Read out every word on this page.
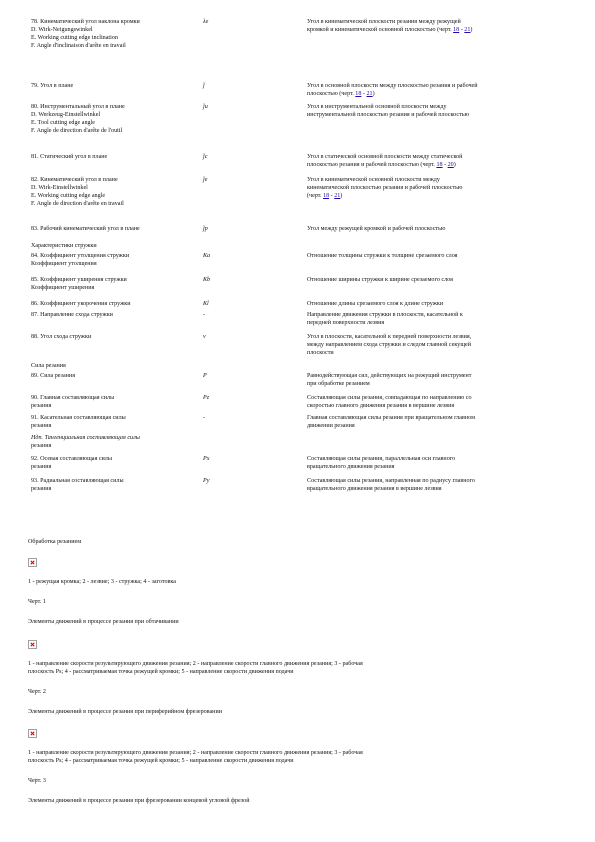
78. Кинематический угол наклона кромки
D. Wirk-Neigungswinkel
E. Working cutting edge inclination
F. Angle d'inclinaison d'arête en travail
λе	Угол в кинематической плоскости резания между режущей
кромкой и кинематической основной плоскостью (черт. 18 - 21)
79. Угол в плане	ǰ	Угол в основной плоскости между плоскостью резания и рабочей
плоскостью (черт. 18 - 21)
80. Инструментальный угол в плане
D. Werkzeug-Einstellwinkel
E. Tool cutting edge angle
F. Angle de direction d'arête de l'outil
ǰи	Угол в инструментальной основной плоскости между
инструментальной плоскостью резания и рабочей плоскостью
81. Статический угол в плане	ǰс	Угол в статической основной плоскости между статической
плоскостью резания и рабочей плоскостью (черт. 18 - 20)
82. Кинематический угол в плане
D. Wirk-Einstellwinkel
E. Working cutting edge angle
F. Angle de direction d'arête en travail
ǰе	Угол в кинематической основной плоскости между
кинематической плоскостью резания и рабочей плоскостью
(черт. 18 - 21)
83. Рабочий кинематический угол в плане	ǰр	Угол между режущей кромкой и рабочей плоскостью
Характеристики стружки
84. Коэффициент утолщения стружки
Коэффициент утолщения
Ка	Отношение толщины стружки к толщине срезаемого слоя
85. Коэффициент уширения стружки
Коэффициент уширения
Кb	Отношение ширины стружки к ширине срезаемого слоя
86. Коэффициент укорочения стружки	Кl	Отношение длины срезаемого слоя к длине стружки
87. Направление схода стружки	-	Направление движения стружки в плоскости, касательной к
передней поверхности лезвия
88. Угол схода стружки	ν	Угол в плоскости, касательной к передней поверхности лезвия,
между направлением схода стружки и следом главной секущей
плоскости
Сила резания
89. Сила резания	P	Равнодействующая сил, действующих на режущий инструмент
при обработке резанием
90. Главная составляющая силы
резания
Pz	Составляющая силы резания, совпадающая по направлению со
скоростью главного движения резания в вершине лезвия
91. Касательная составляющая силы
резания
-	Главная составляющая силы резания при вращательном главном
движении резания
Ндп. Тангенциальная составляющая силы
резания
92. Осевая составляющая силы
резания
Px	Составляющая силы резания, параллельная оси главного
вращательного движения резания
93. Радиальная составляющая силы
резания
Py	Составляющая силы резания, направленная по радиусу главного
вращательного движения резания в вершине лезвия
Обработка резанием
1 - режущая кромка; 2 - лезвие; 3 - стружка; 4 - заготовка
Черт. 1
Элементы движений в процессе резания при обтачивании
1 - направление скорости результирующего движения резания; 2 - направление скорости главного движения резания; 3 - рабочая
плоскость Ps; 4 - рассматриваемая точка режущей кромки; 5 - направление скорости движения подачи
Черт. 2
Элементы движений в процессе резания при периферийном фрезеровании
1 - направление скорости результирующего движения резания; 2 - направление скорости главного движения резания; 3 - рабочая
плоскость Ps; 4 - рассматриваемая точка режущей кромки; 5 - направление скорости движения подачи
Черт. 3
Элементы движений в процессе резания при фрезеровании концевой угловой фрезой
